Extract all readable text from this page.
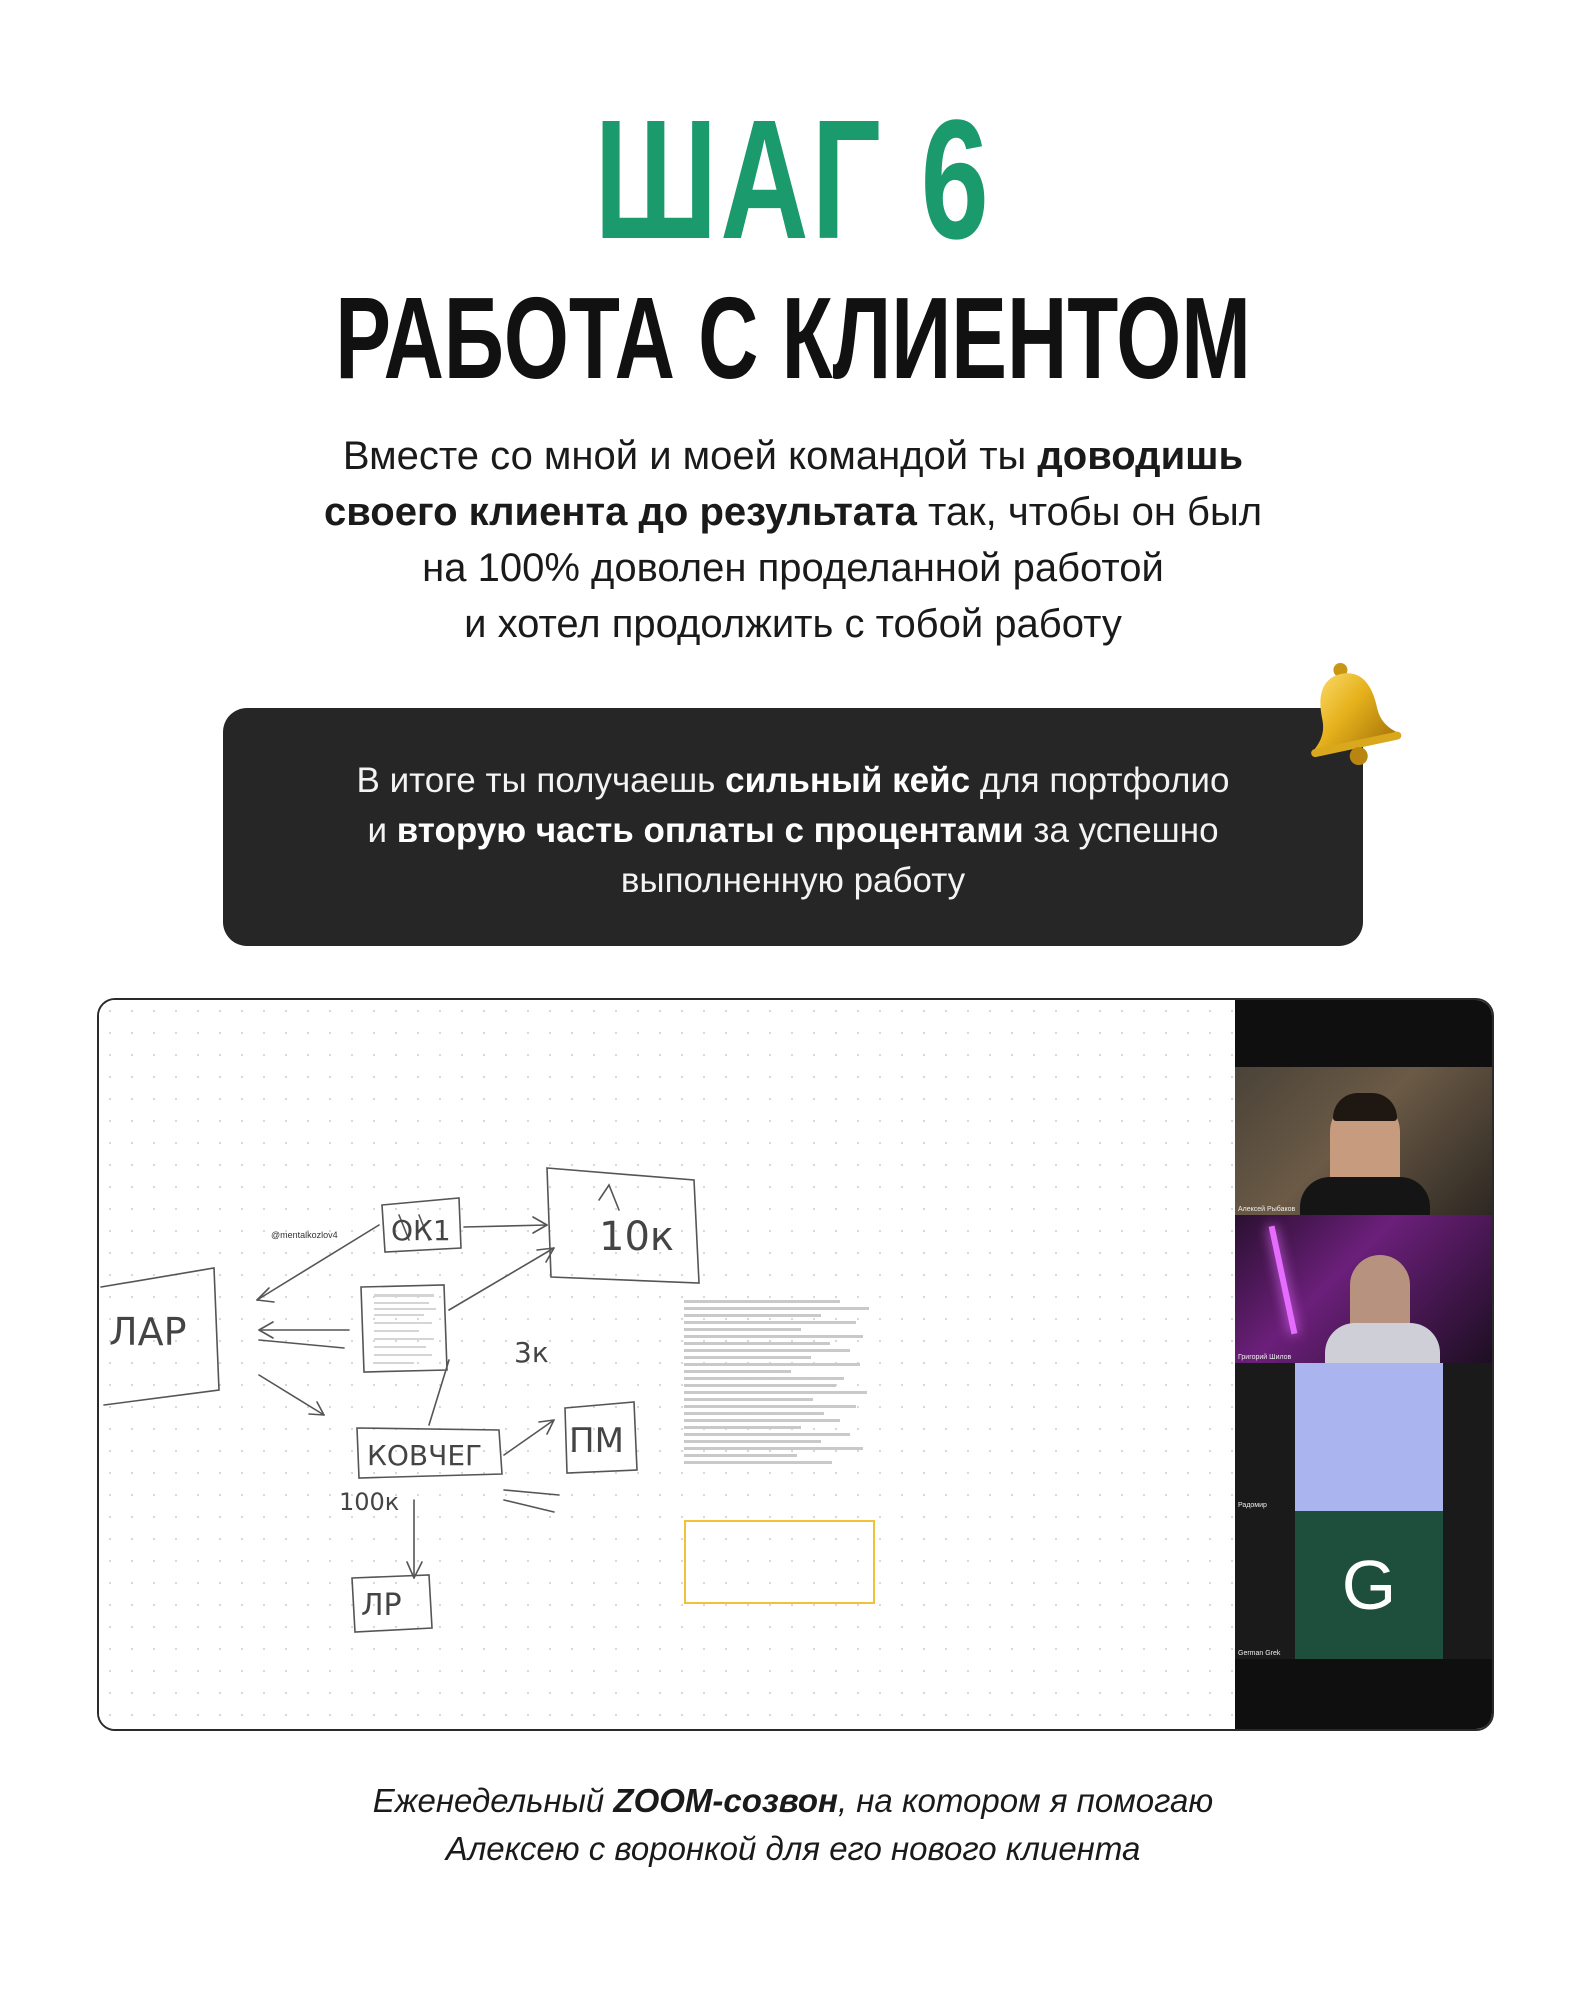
ШАГ 6
РАБОТА С КЛИЕНТОМ
Вместе со мной и моей командой ты доводишь
своего клиента до результата так, чтобы он был
на 100% доволен проделанной работой
и хотел продолжить с тобой работу
В итоге ты получаешь сильный кейс для портфолио
и вторую часть оплаты с процентами за успешно
выполненную работу
ЛАР
ОК1	10к
КОВЧЕГ	ПМ
ЛР
3к
100к
@mentalkozlov4
Алексей Рыбаков
Григорий Шилов
Радомир
G
German Grek
Еженедельный ZOOM-созвон, на котором я помогаю
Алексею с воронкой для его нового клиента
